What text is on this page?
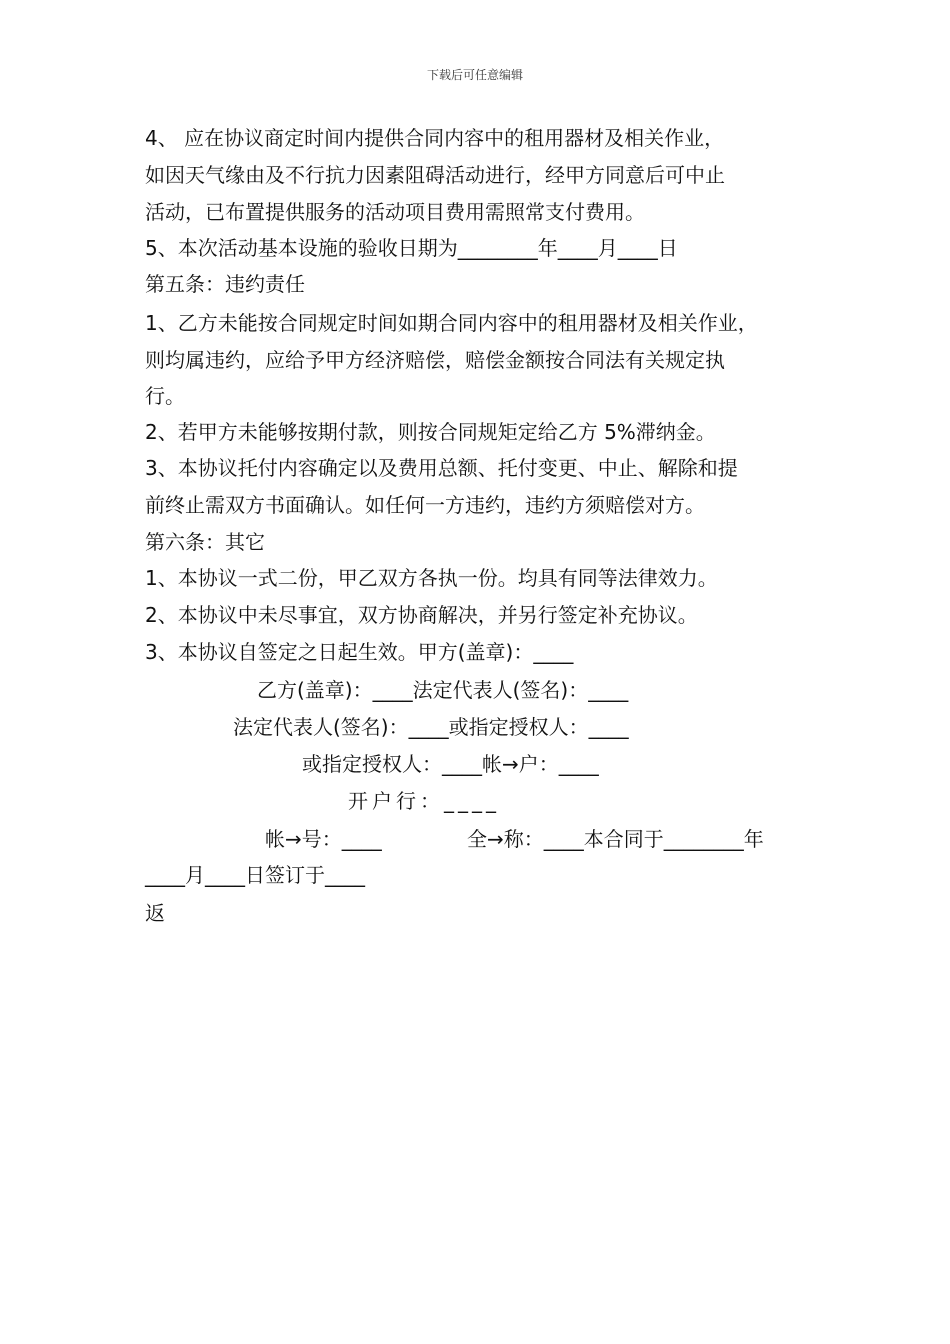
下载后可任意编辑
4、 应在协议商定时间内提供合同内容中的租用器材及相关作业，
如因天气缘由及不行抗力因素阻碍活动进行，经甲方同意后可中止
活动，已布置提供服务的活动项目费用需照常支付费用。
5、本次活动基本设施的验收日期为________年____月____日
第五条：违约责任
1、乙方未能按合同规定时间如期合同内容中的租用器材及相关作业，
则均属违约，应给予甲方经济赔偿，赔偿金额按合同法有关规定执
行。
2、若甲方未能够按期付款，则按合同规矩定给乙方 5%滞纳金。
3、本协议托付内容确定以及费用总额、托付变更、中止、解除和提
前终止需双方书面确认。如任何一方违约，违约方须赔偿对方。
第六条：其它
1、本协议一式二份，甲乙双方各执一份。均具有同等法律效力。
2、本协议中未尽事宜，双方协商解决，并另行签定补充协议。
3、本协议自签定之日起生效。甲方(盖章)：____
乙方(盖章)：____法定代表人(签名)：____
法定代表人(签名)：____或指定授权人：____
或指定授权人：____帐→户：____
开户行：____
帐→号：____	全→称：____本合同于________年
____月____日签订于____
返
